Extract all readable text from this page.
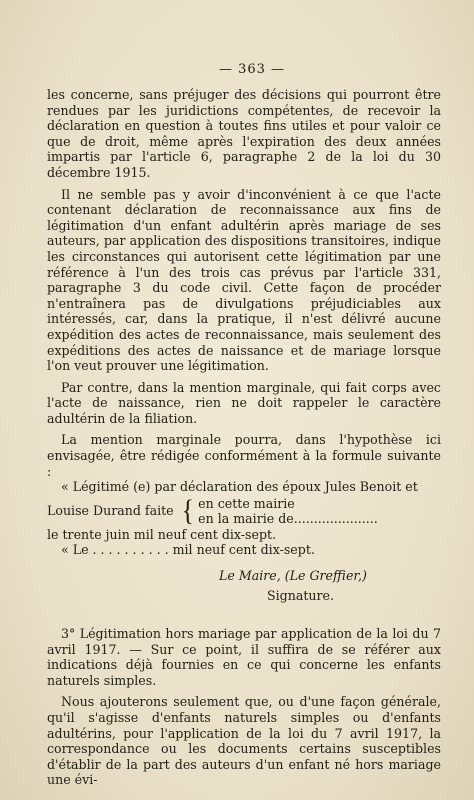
— 363 —

les concerne, sans préjuger des décisions qui pourront être rendues par les juridictions compétentes, de recevoir la déclaration en question à toutes fins utiles et pour valoir ce que de droit, même après l'expiration des deux années impartis par l'article 6, paragraphe 2 de la loi du 30 décembre 1915.

Il ne semble pas y avoir d'inconvénient à ce que l'acte contenant déclaration de reconnaissance aux fins de légitimation d'un enfant adultérin après mariage de ses auteurs, par application des dispositions transitoires, indique les circonstances qui autorisent cette légitimation par une référence à l'un des trois cas prévus par l'article 331, paragraphe 3 du code civil. Cette façon de procéder n'entraînera pas de divulgations préjudiciables aux intéressés, car, dans la pratique, il n'est délivré aucune expédition des actes de reconnaissance, mais seulement des expéditions des actes de naissance et de mariage lorsque l'on veut prouver une légitimation.

Par contre, dans la mention marginale, qui fait corps avec l'acte de naissance, rien ne doit rappeler le caractère adultérin de la filiation.

La mention marginale pourra, dans l'hypothèse ici envisagée, être rédigée conformément à la formule suivante :

« Légitimé (e) par déclaration des époux Jules Benoit et

Louise Durand faite { en cette mairie
en la mairie de.....................

le trente juin mil neuf cent dix-sept.

« Le . . . . . . . . . . mil neuf cent dix-sept.

Le Maire, (Le Greffier,)
Signature.

3° Légitimation hors mariage par application de la loi du 7 avril 1917. — Sur ce point, il suffira de se référer aux indications déjà fournies en ce qui concerne les enfants naturels simples.

Nous ajouterons seulement que, ou d'une façon générale, qu'il s'agisse d'enfants naturels simples ou d'enfants adultérins, pour l'application de la loi du 7 avril 1917, la correspondance ou les documents certains susceptibles d'établir de la part des auteurs d'un enfant né hors mariage une évi-
